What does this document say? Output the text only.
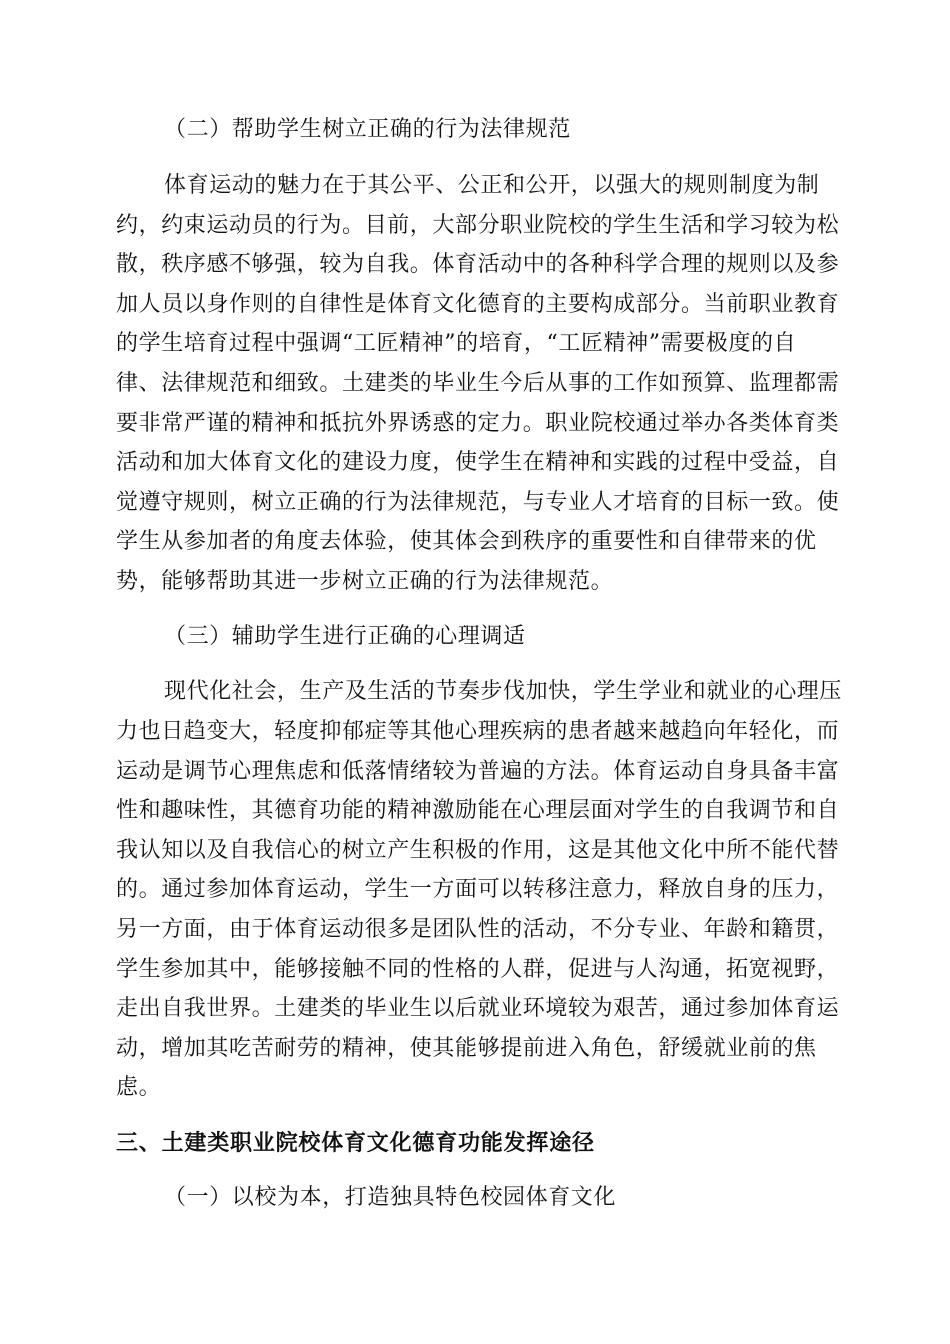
（二）帮助学生树立正确的行为法律规范
体育运动的魅力在于其公平、公正和公开，以强大的规则制度为制
约，约束运动员的行为。目前，大部分职业院校的学生生活和学习较为松
散，秩序感不够强，较为自我。体育活动中的各种科学合理的规则以及参
加人员以身作则的自律性是体育文化德育的主要构成部分。当前职业教育
的学生培育过程中强调“工匠精神”的培育，“工匠精神”需要极度的自
律、法律规范和细致。土建类的毕业生今后从事的工作如预算、监理都需
要非常严谨的精神和抵抗外界诱惑的定力。职业院校通过举办各类体育类
活动和加大体育文化的建设力度，使学生在精神和实践的过程中受益，自
觉遵守规则，树立正确的行为法律规范，与专业人才培育的目标一致。使
学生从参加者的角度去体验，使其体会到秩序的重要性和自律带来的优
势，能够帮助其进一步树立正确的行为法律规范。
（三）辅助学生进行正确的心理调适
现代化社会，生产及生活的节奏步伐加快，学生学业和就业的心理压
力也日趋变大，轻度抑郁症等其他心理疾病的患者越来越趋向年轻化，而
运动是调节心理焦虑和低落情绪较为普遍的方法。体育运动自身具备丰富
性和趣味性，其德育功能的精神激励能在心理层面对学生的自我调节和自
我认知以及自我信心的树立产生积极的作用，这是其他文化中所不能代替
的。通过参加体育运动，学生一方面可以转移注意力，释放自身的压力，
另一方面，由于体育运动很多是团队性的活动，不分专业、年龄和籍贯，
学生参加其中，能够接触不同的性格的人群，促进与人沟通，拓宽视野，
走出自我世界。土建类的毕业生以后就业环境较为艰苦，通过参加体育运
动，增加其吃苦耐劳的精神，使其能够提前进入角色，舒缓就业前的焦
虑。
三、土建类职业院校体育文化德育功能发挥途径
（一）以校为本，打造独具特色校园体育文化
